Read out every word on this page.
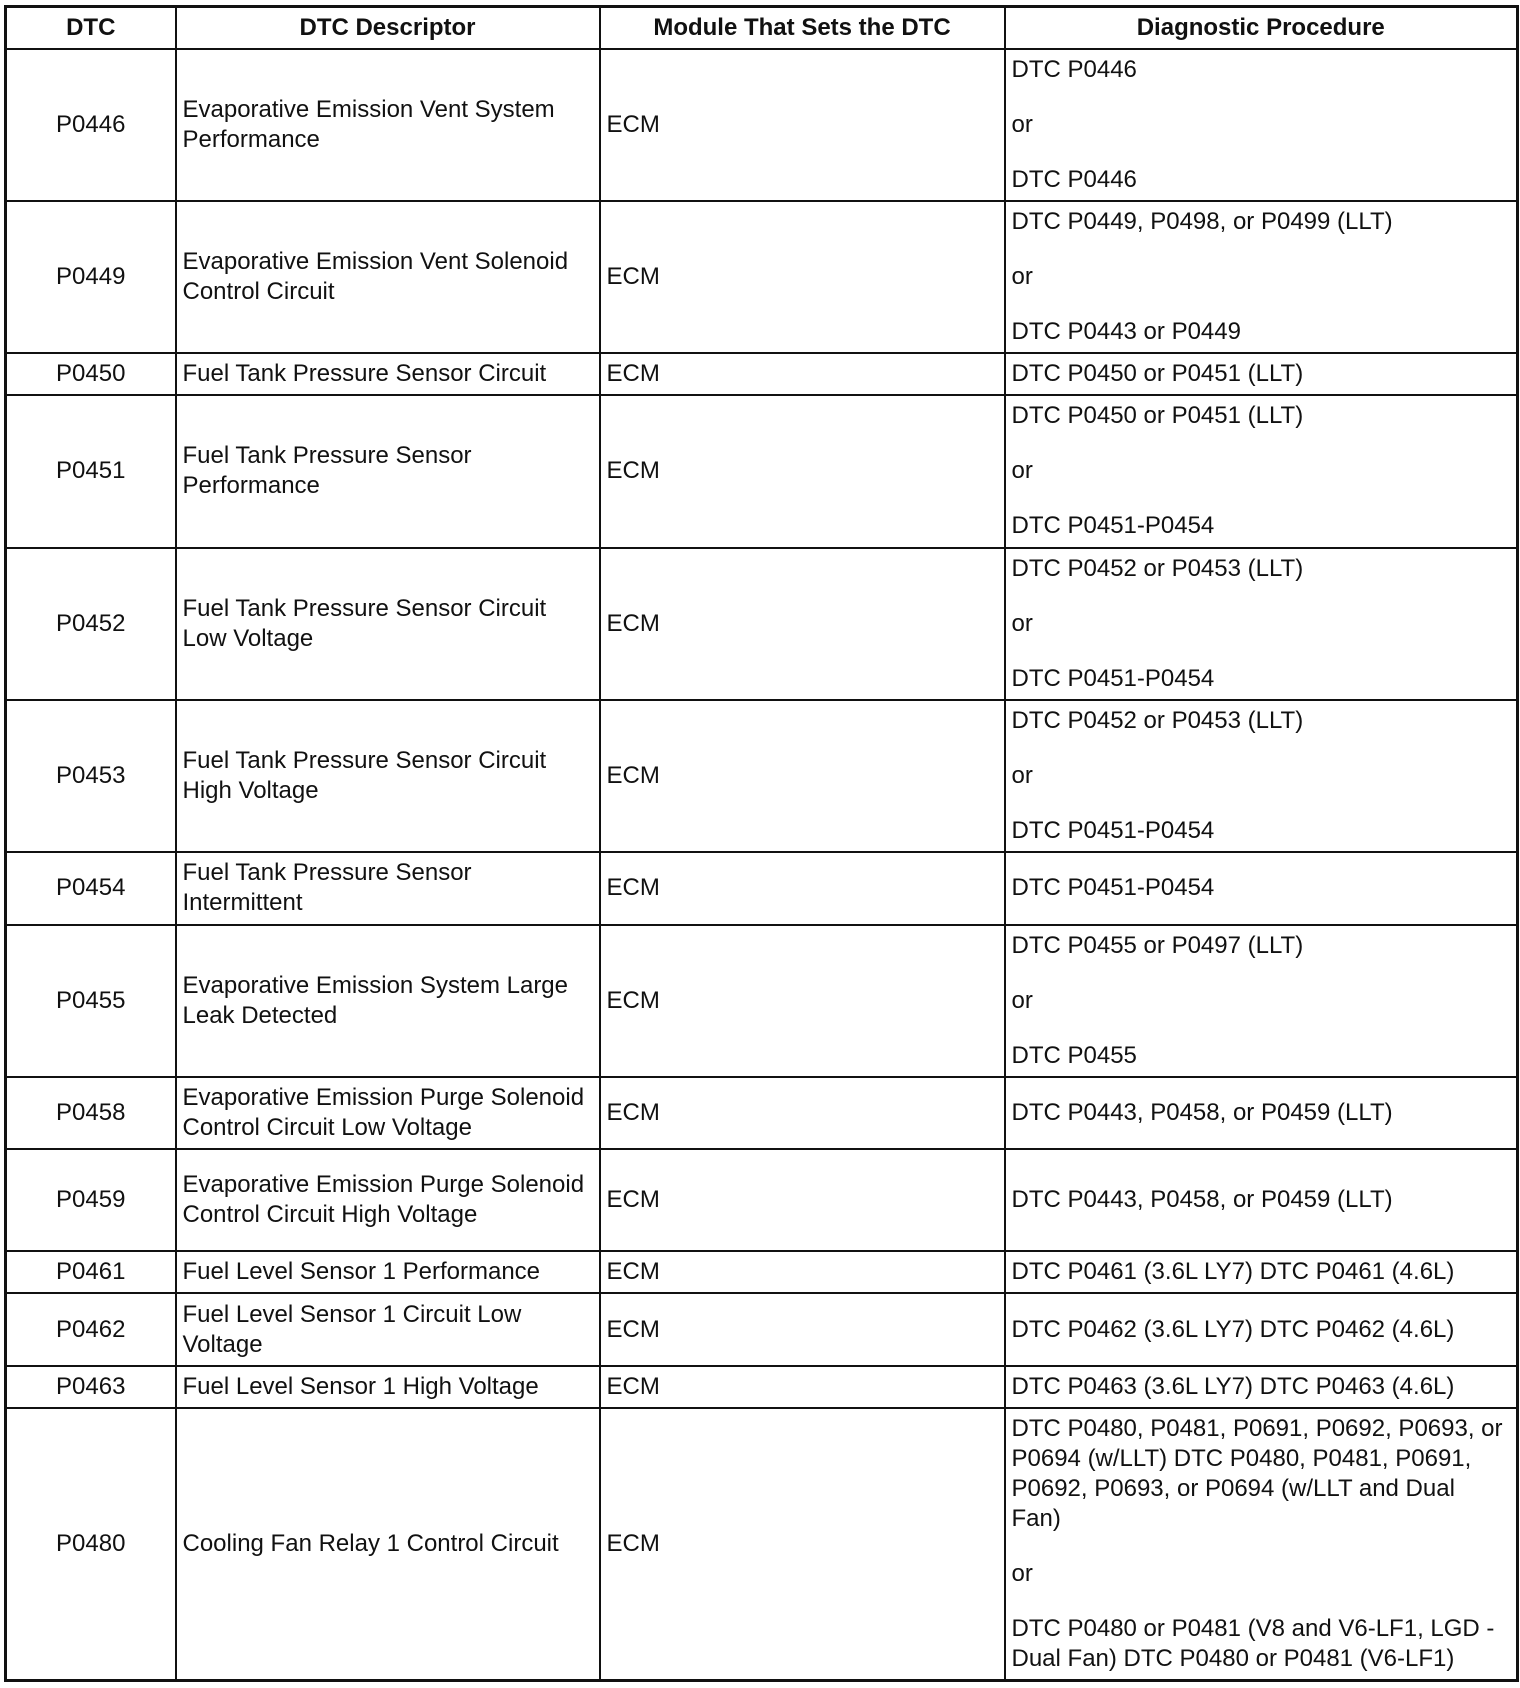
DTC	DTC Descriptor	Module That Sets the DTC	Diagnostic Procedure
P0446	Evaporative Emission Vent System Performance	ECM	DTC P0446
or
DTC P0446

P0449	Evaporative Emission Vent Solenoid Control Circuit	ECM	DTC P0449, P0498, or P0499 (LLT)
or
DTC P0443 or P0449

P0450	Fuel Tank Pressure Sensor Circuit	ECM	DTC P0450 or P0451 (LLT)

P0451	Fuel Tank Pressure Sensor Performance	ECM	DTC P0450 or P0451 (LLT)
or
DTC P0451-P0454

P0452	Fuel Tank Pressure Sensor Circuit Low Voltage	ECM	DTC P0452 or P0453 (LLT)
or
DTC P0451-P0454

P0453	Fuel Tank Pressure Sensor Circuit High Voltage	ECM	DTC P0452 or P0453 (LLT)
or
DTC P0451-P0454

P0454	Fuel Tank Pressure Sensor Intermittent	ECM	DTC P0451-P0454

P0455	Evaporative Emission System Large Leak Detected	ECM	DTC P0455 or P0497 (LLT)
or
DTC P0455

P0458	Evaporative Emission Purge Solenoid Control Circuit Low Voltage	ECM	DTC P0443, P0458, or P0459 (LLT)

P0459	Evaporative Emission Purge Solenoid Control Circuit High Voltage	ECM	DTC P0443, P0458, or P0459 (LLT)

P0461	Fuel Level Sensor 1 Performance	ECM	DTC P0461 (3.6L LY7) DTC P0461 (4.6L)

P0462	Fuel Level Sensor 1 Circuit Low Voltage	ECM	DTC P0462 (3.6L LY7) DTC P0462 (4.6L)

P0463	Fuel Level Sensor 1 High Voltage	ECM	DTC P0463 (3.6L LY7) DTC P0463 (4.6L)

P0480	Cooling Fan Relay 1 Control Circuit	ECM	DTC P0480, P0481, P0691, P0692, P0693, or P0694 (w/LLT) DTC P0480, P0481, P0691, P0692, P0693, or P0694 (w/LLT and Dual Fan)
or
DTC P0480 or P0481 (V8 and V6-LF1, LGD - Dual Fan) DTC P0480 or P0481 (V6-LF1)
